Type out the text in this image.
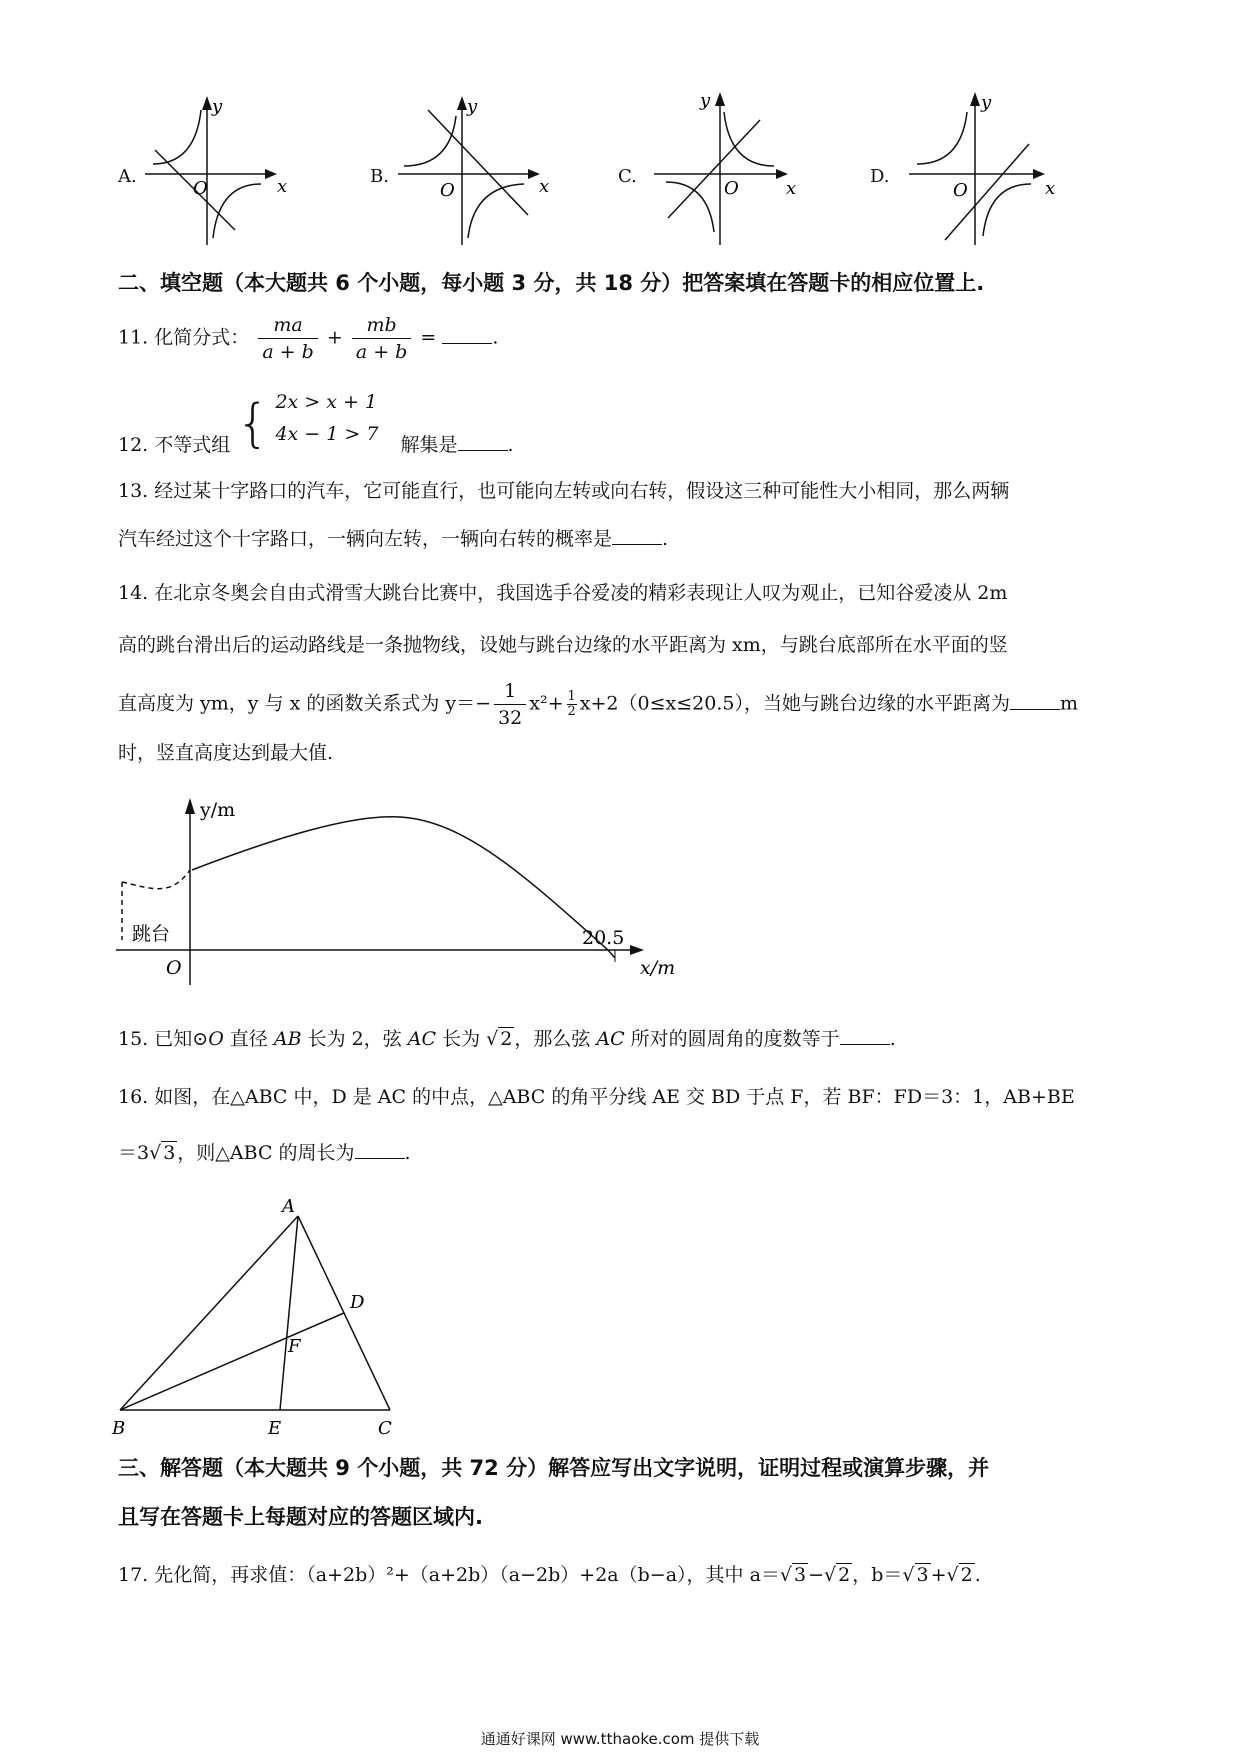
A.
y
O	x	B.
y
O	x	C.
y
O	x
D.
y
O	x
二、填空题（本大题共 6 个小题，每小题 3 分，共 18 分）把答案填在答题卡的相应位置上.
11. 化简分式： $\frac{ma}{a + b} + \frac{mb}{a + b}$ =	.
12. 不等式组 { 2x > x + 1
4x − 1 > 7 解集是	.
13. 经过某十字路口的汽车，它可能直行，也可能向左转或向右转，假设这三种可能性大小相同，那么两辆
汽车经过这个十字路口，一辆向左转，一辆向右转的概率是	.
14. 在北京冬奥会自由式滑雪大跳台比赛中，我国选手谷爱凌的精彩表现让人叹为观止，已知谷爱凌从 2m
高的跳台滑出后的运动路线是一条抛物线，设她与跳台边缘的水平距离为 xm，与跳台底部所在水平面的竖
直高度为 ym，y 与 x 的函数关系式为 $y=- \frac{1}{32} x^2+ \frac{1}{2} x+2(0\le x\le 20.5)$，当她与跳台边缘的水平距离为	m
时，竖直高度达到最大值.
y/m
x/m
O
跳台	20.5
15. 已知⊙O 直径 AB 长为 2，弦 AC 长为 √ 2 ，那么弦 AC 所对的圆周角的度数等于	.
16. 如图，在△ABC 中，D 是 AC 的中点，△ABC 的角平分线 AE 交 BD 于点 F，若 BF：FD＝3：1，AB+BE
＝3√ 3 ，则△ABC 的周长为	.
A
B	C
D
E
F
三、解答题（本大题共 9 个小题，共 72 分）解答应写出文字说明，证明过程或演算步骤，并
且写在答题卡上每题对应的答题区域内.
17. 先化简，再求值：（a+2b）²+（a+2b）（a−2b）+2a（b−a），其中 a＝√ 3 −√ 2 ，b＝√ 3 +√ 2 .
通通好课网 www.tthaoke.com 提供下载
